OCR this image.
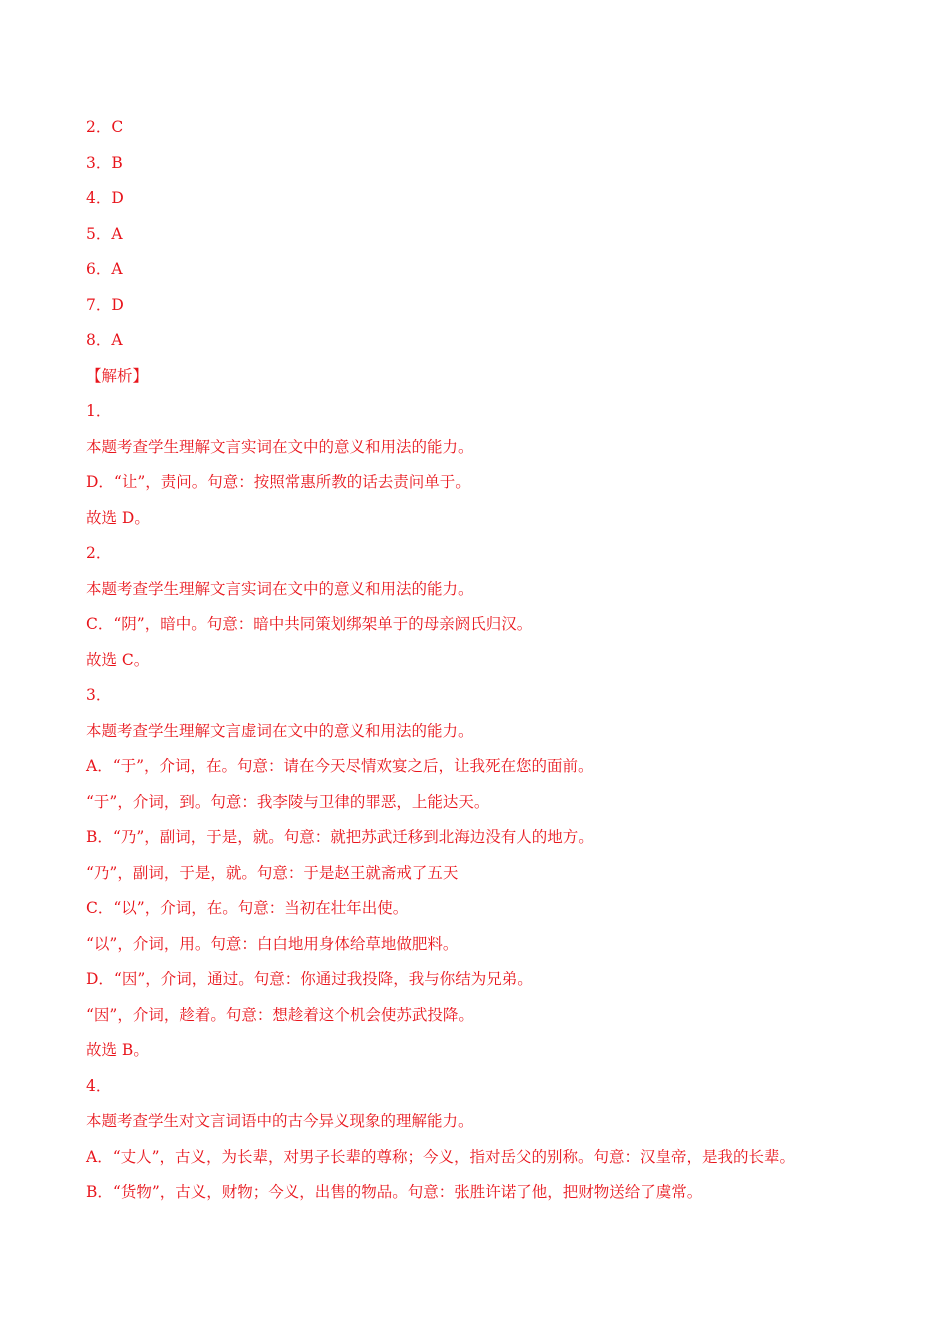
2．C
3．B
4．D
5．A
6．A
7．D
8．A
【解析】
1．
本题考查学生理解文言实词在文中的意义和用法的能力。
D．“让”，责问。句意：按照常惠所教的话去责问单于。
故选 D。
2．
本题考查学生理解文言实词在文中的意义和用法的能力。
C．“阴”，暗中。句意：暗中共同策划绑架单于的母亲阏氏归汉。
故选 C。
3．
本题考查学生理解文言虚词在文中的意义和用法的能力。
A．“于”，介词，在。句意：请在今天尽情欢宴之后，让我死在您的面前。
“于”，介词，到。句意：我李陵与卫律的罪恶，上能达天。
B．“乃”，副词，于是，就。句意：就把苏武迁移到北海边没有人的地方。
“乃”，副词，于是，就。句意：于是赵王就斋戒了五天
C．“以”，介词，在。句意：当初在壮年出使。
“以”，介词，用。句意：白白地用身体给草地做肥料。
D．“因”，介词，通过。句意：你通过我投降，我与你结为兄弟。
“因”，介词，趁着。句意：想趁着这个机会使苏武投降。
故选 B。
4．
本题考查学生对文言词语中的古今异义现象的理解能力。
A．“丈人”，古义，为长辈，对男子长辈的尊称；今义，指对岳父的别称。句意：汉皇帝，是我的长辈。
B．“货物”，古义，财物；今义，出售的物品。句意：张胜许诺了他，把财物送给了虞常。
